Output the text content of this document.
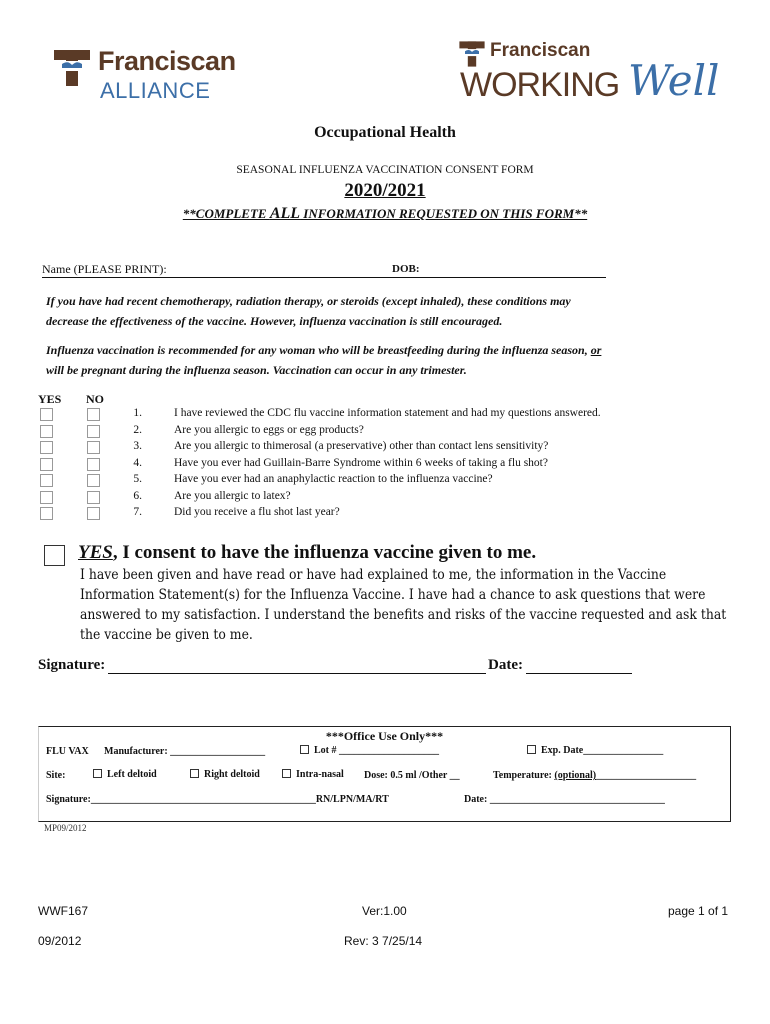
Franciscan
ALLIANCE
Franciscan
WORKING Well
Occupational Health
SEASONAL INFLUENZA VACCINATION CONSENT FORM
2020/2021
**COMPLETE ALL INFORMATION REQUESTED ON THIS FORM**
Name (PLEASE PRINT):	DOB:
If you have had recent chemotherapy, radiation therapy, or steroids (except inhaled), these conditions may
decrease the effectiveness of the vaccine. However, influenza vaccination is still encouraged.
Influenza vaccination is recommended for any woman who will be breastfeeding during the influenza season, or
will be pregnant during the influenza season. Vaccination can occur in any trimester.
YES NO
1.	I have reviewed the CDC flu vaccine information statement and had my questions answered.
2.	Are you allergic to eggs or egg products?
3.	Are you allergic to thimerosal (a preservative) other than contact lens sensitivity?
4.	Have you ever had Guillain-Barre Syndrome within 6 weeks of taking a flu shot?
5.	Have you ever had an anaphylactic reaction to the influenza vaccine?
6.	Are you allergic to latex?
7.	Did you receive a flu shot last year?
YES, I consent to have the influenza vaccine given to me.
I have been given and have read or have had explained to me, the information in the Vaccine
Information Statement(s) for the Influenza Vaccine. I have had a chance to ask questions that were
answered to my satisfaction. I understand the benefits and risks of the vaccine requested and ask that
the vaccine be given to me.
Signature:	Date:
***Office Use Only***
FLU VAX Manufacturer: ___________________	Lot # ____________________	Exp. Date________________
Site:	Left deltoid	Right deltoid	Intra-nasal Dose: 0.5 ml /Other __	Temperature: (optional)____________________
Signature:_____________________________________________RN/LPN/MA/RT	Date: ___________________________________
MP09/2012
WWF167	Ver:1.00	page 1 of 1
09/2012	Rev: 3 7/25/14
